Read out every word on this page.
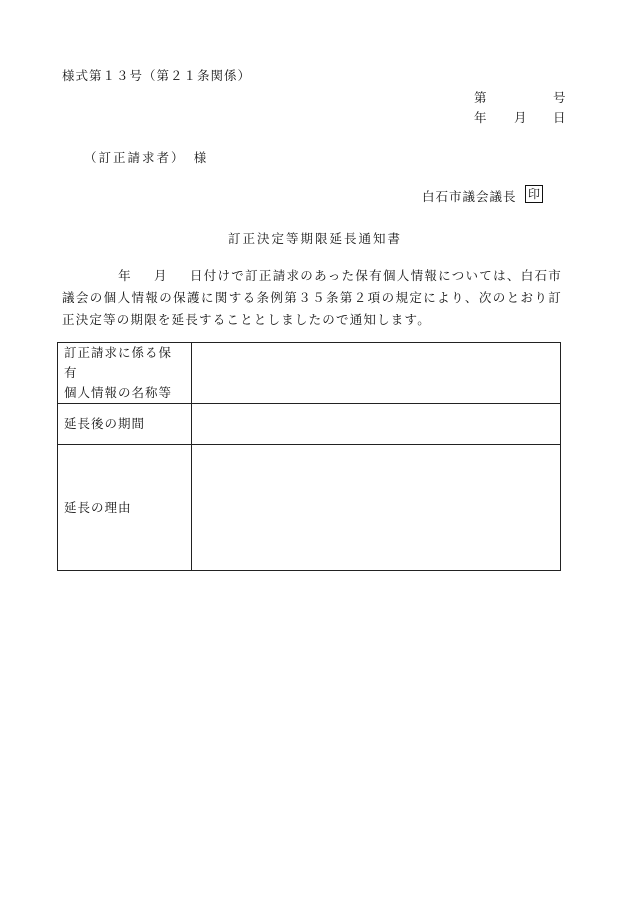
様式第１３号（第２１条関係）
第	号
年 月 日
（訂正請求者）　様
白石市議会議長 印
訂正決定等期限延長通知書
年 月 日付けで訂正請求のあった保有個人情報については、白石市議会の個人情報の保護に関する条例第３５条第２項の規定により、次のとおり訂正決定等の期限を延長することとしましたので通知します。
訂正請求に係る保有
個人情報の名称等	

延長後の期間	
延長の理由	
